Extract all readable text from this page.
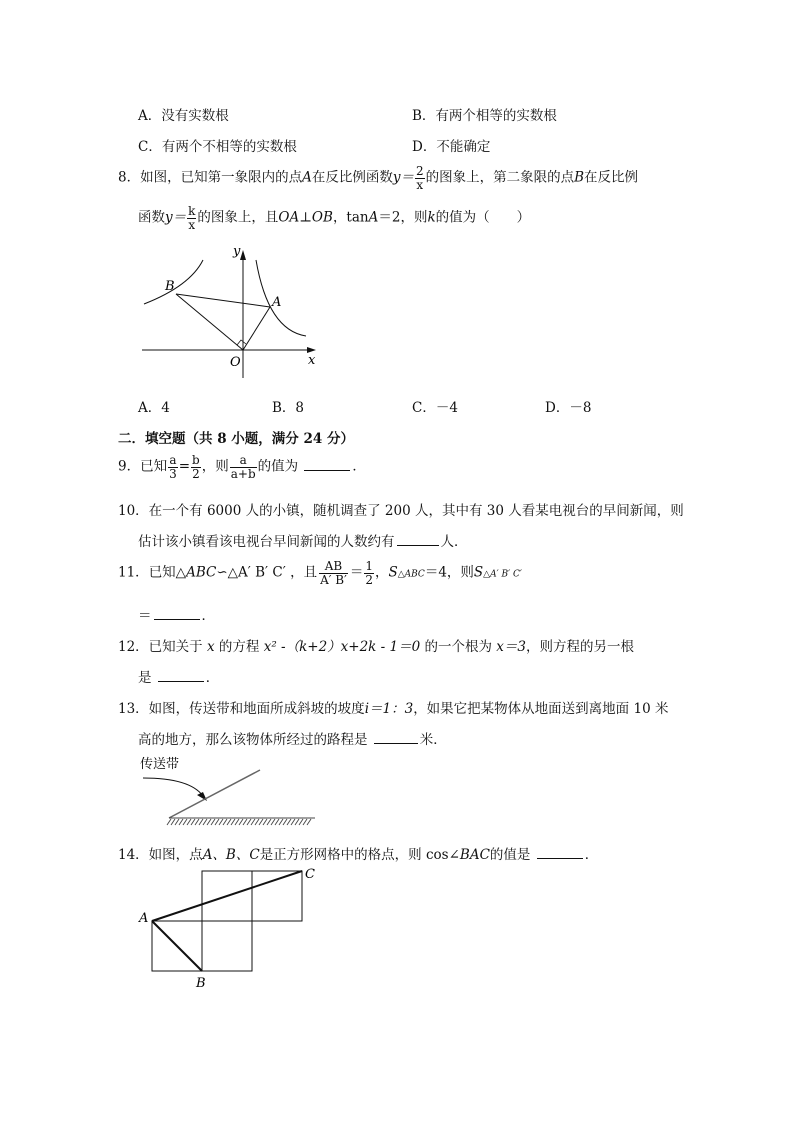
A．没有实数根	B．有两个相等的实数根
C．有两个不相等的实数根	D．不能确定
8．如图，已知第一象限内的点A在反比例函数$y= \frac{2}{x}$ 的图象上，第二象限的点B在反比例
函数$y= \frac{k}{x}$ 的图象上，且OA⊥OB，tanA＝2，则k的值为（　　）
y
x
O
A
B
A．4	B．8	C．－4	D．－8
二．填空题（共 8 小题，满分 24 分）
9．已知 $\frac{a}{3} = \frac{b}{2}$ ，则 $\frac{a}{a+b}$ 的值为	．
10．在一个有 6000 人的小镇，随机调查了 200 人，其中有 30 人看某电视台的早间新闻，则
估计该小镇看该电视台早间新闻的人数约有	人．
11．已知△ABC∽△A′ B′ C′ ，且 $\frac{AB}{A' B'} = \frac{1}{2}$ ，S△ABC＝4，则S△A′ B′ C′
＝	．
12．已知关于 x 的方程 x² -（k+2）x+2k - 1＝0 的一个根为 x＝3，则方程的另一根
是	．
13．如图，传送带和地面所成斜坡的坡度i＝1：3，如果它把某物体从地面送到离地面 10 米
高的地方，那么该物体所经过的路程是	米．
传送带
14．如图，点A、B、C是正方形网格中的格点，则 cos∠BAC的值是	．
A
B
C
